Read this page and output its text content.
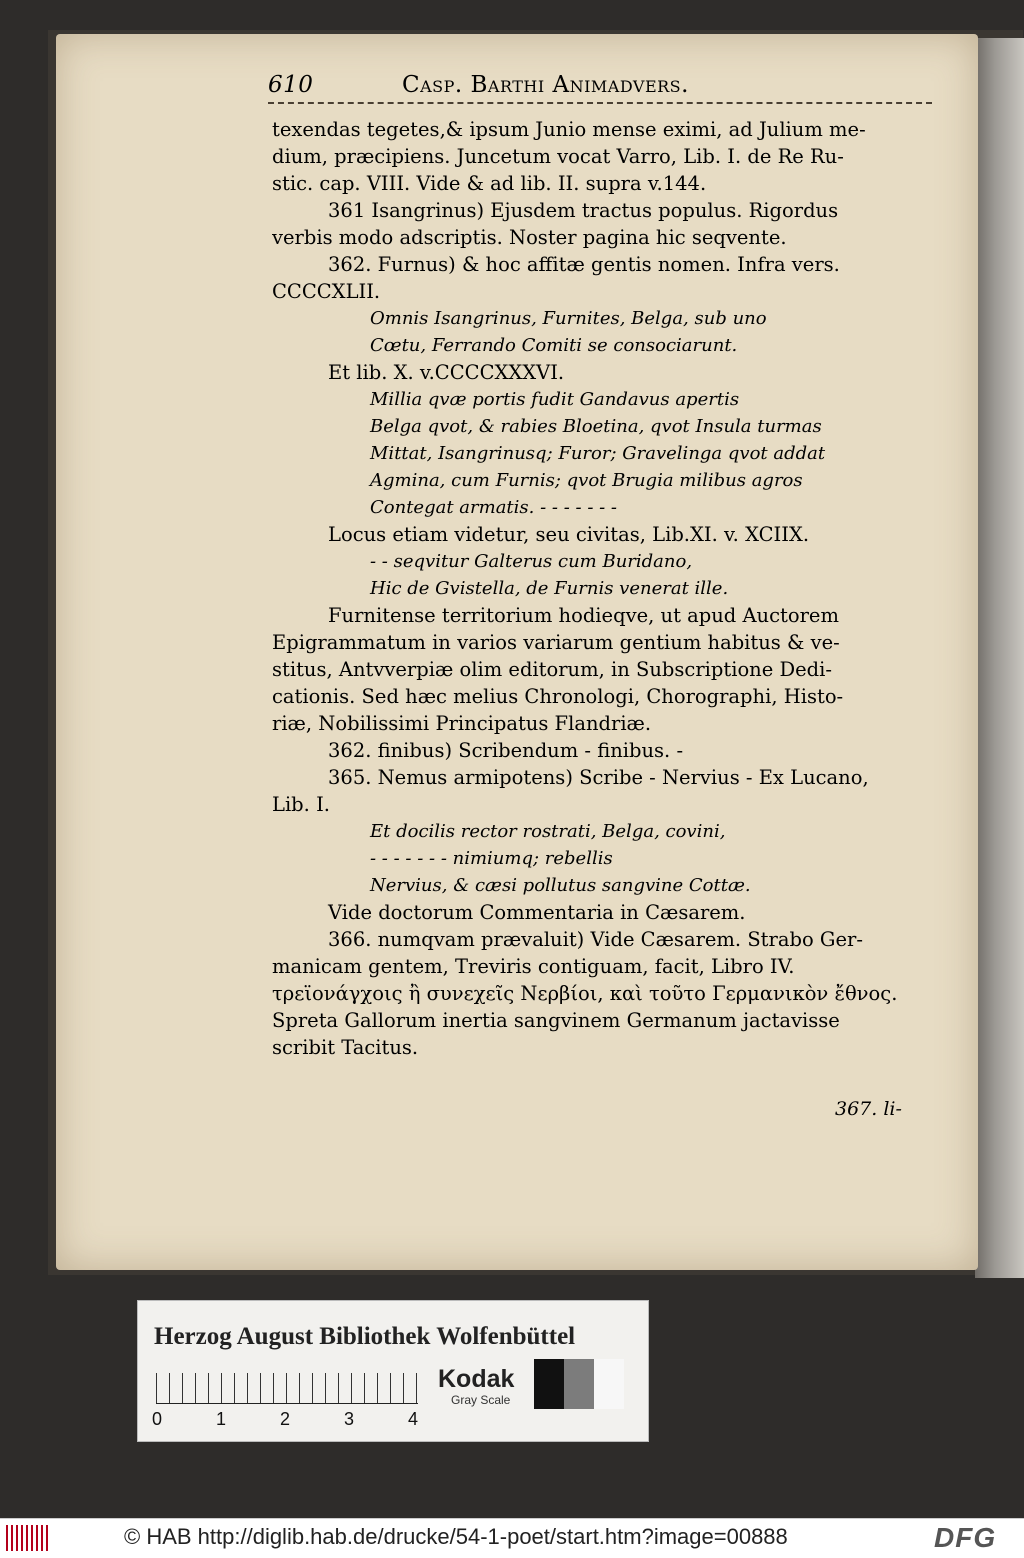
610	Casp. Barthi Animadvers.
texendas tegetes,& ipsum Junio mense eximi, ad Julium me-
dium, præcipiens. Juncetum vocat Varro, Lib. I. de Re Ru-
stic. cap. VIII. Vide & ad lib. II. supra v.144.
361 Isangrinus) Ejusdem tractus populus. Rigordus
verbis modo adscriptis. Noster pagina hic seqvente.
362. Furnus) & hoc affitæ gentis nomen. Infra vers.
CCCCXLII.
Omnis Isangrinus, Furnites, Belga, sub uno
Cœtu, Ferrando Comiti se consociarunt.
Et lib. X. v.CCCCXXXVI.
Millia qvæ portis fudit Gandavus apertis
Belga qvot, & rabies Bloetina, qvot Insula turmas
Mittat, Isangrinusq; Furor; Gravelinga qvot addat
Agmina, cum Furnis; qvot Brugia milibus agros
Contegat armatis. - - - - - - -
Locus etiam videtur, seu civitas, Lib.XI. v. XCIIX.
- - seqvitur Galterus cum Buridano,
Hic de Gvistella, de Furnis venerat ille.
Furnitense territorium hodieqve, ut apud Auctorem
Epigrammatum in varios variarum gentium habitus & ve-
stitus, Antvverpiæ olim editorum, in Subscriptione Dedi-
cationis. Sed hæc melius Chronologi, Chorographi, Histo-
riæ, Nobilissimi Principatus Flandriæ.
362. finibus) Scribendum - finibus. -
365. Nemus armipotens) Scribe - Nervius - Ex Lucano,
Lib. I.
Et docilis rector rostrati, Belga, covini,
- - - - - - - nimiumq; rebellis
Nervius, & cæsi pollutus sangvine Cottæ.
Vide doctorum Commentaria in Cæsarem.
366. numqvam prævaluit) Vide Cæsarem. Strabo Ger-
manicam gentem, Treviris contiguam, facit, Libro IV.
τρεϊονάγχοις ἢ συνεχεῖς Νερβίοι, καὶ τοῦτο Γερμανικὸν ἔθνος.
Spreta Gallorum inertia sangvinem Germanum jactavisse
scribit Tacitus.
367. li-
Herzog August Bibliothek Wolfenbüttel
0	1	2	3	4
Kodak
Gray Scale
© HAB http://diglib.hab.de/drucke/54-1-poet/start.htm?image=00888	DFG
